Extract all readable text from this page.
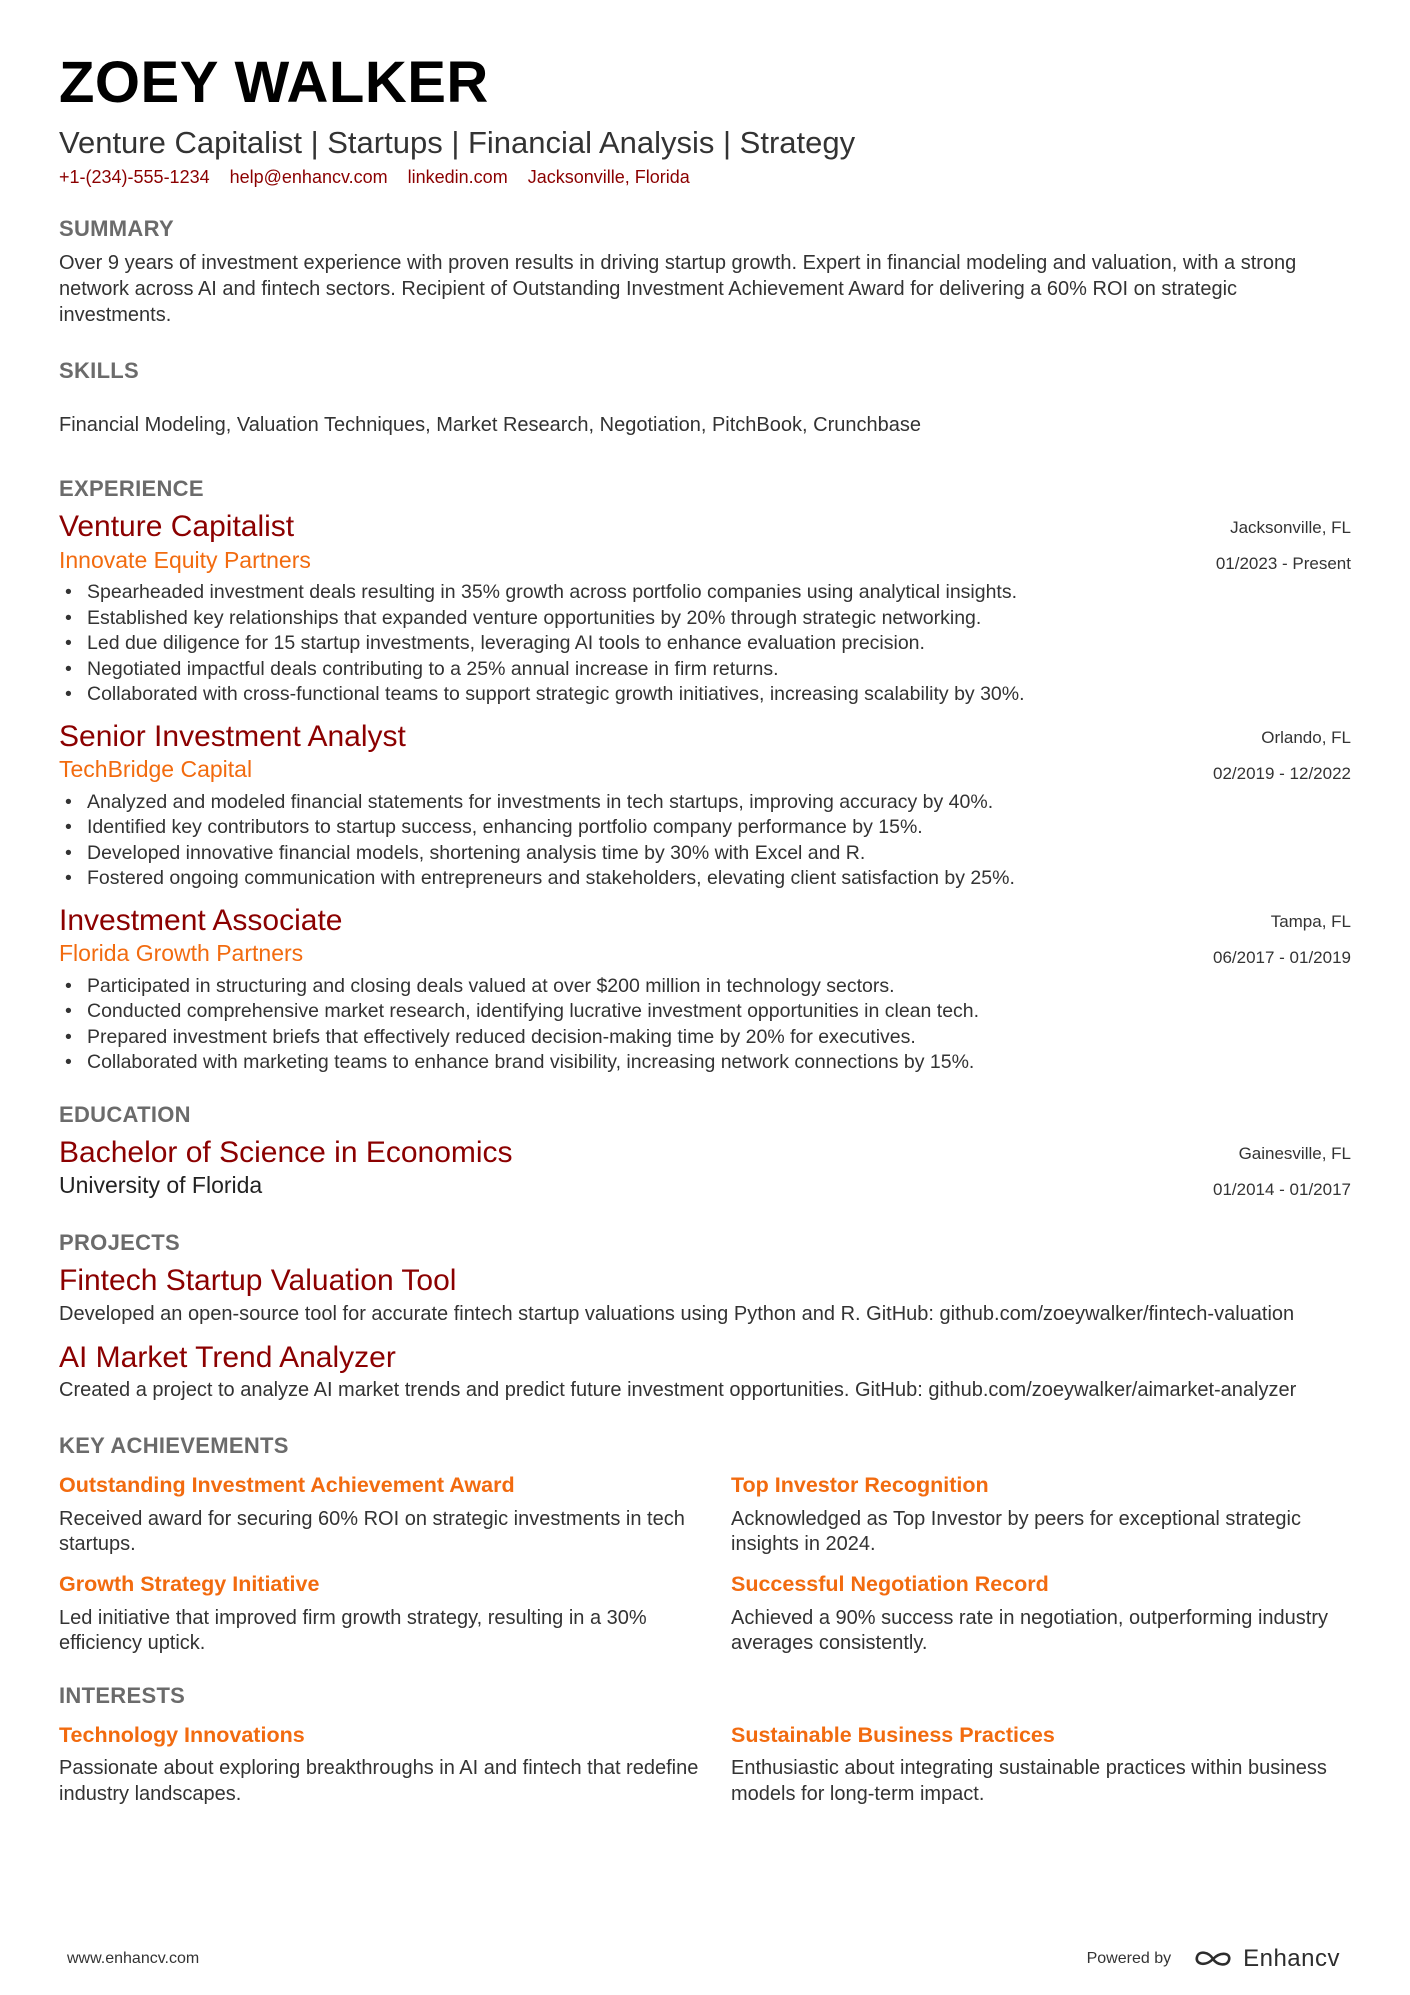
ZOEY WALKER
Venture Capitalist | Startups | Financial Analysis | Strategy
+1-(234)-555-1234 help@enhancv.com linkedin.com Jacksonville, Florida
SUMMARY
Over 9 years of investment experience with proven results in driving startup growth. Expert in financial modeling and valuation, with a strong network across AI and fintech sectors. Recipient of Outstanding Investment Achievement Award for delivering a 60% ROI on strategic investments.
SKILLS
Financial Modeling, Valuation Techniques, Market Research, Negotiation, PitchBook, Crunchbase
EXPERIENCE
Venture Capitalist
Innovate Equity Partners
Jacksonville, FL
01/2023 - Present
• Spearheaded investment deals resulting in 35% growth across portfolio companies using analytical insights.
• Established key relationships that expanded venture opportunities by 20% through strategic networking.
• Led due diligence for 15 startup investments, leveraging AI tools to enhance evaluation precision.
• Negotiated impactful deals contributing to a 25% annual increase in firm returns.
• Collaborated with cross-functional teams to support strategic growth initiatives, increasing scalability by 30%.
Senior Investment Analyst
TechBridge Capital
Orlando, FL
02/2019 - 12/2022
• Analyzed and modeled financial statements for investments in tech startups, improving accuracy by 40%.
• Identified key contributors to startup success, enhancing portfolio company performance by 15%.
• Developed innovative financial models, shortening analysis time by 30% with Excel and R.
• Fostered ongoing communication with entrepreneurs and stakeholders, elevating client satisfaction by 25%.
Investment Associate
Florida Growth Partners
Tampa, FL
06/2017 - 01/2019
• Participated in structuring and closing deals valued at over $200 million in technology sectors.
• Conducted comprehensive market research, identifying lucrative investment opportunities in clean tech.
• Prepared investment briefs that effectively reduced decision-making time by 20% for executives.
• Collaborated with marketing teams to enhance brand visibility, increasing network connections by 15%.
EDUCATION
Bachelor of Science in Economics
University of Florida
Gainesville, FL
01/2014 - 01/2017
PROJECTS
Fintech Startup Valuation Tool
Developed an open-source tool for accurate fintech startup valuations using Python and R. GitHub: github.com/zoeywalker/fintech-valuation
AI Market Trend Analyzer
Created a project to analyze AI market trends and predict future investment opportunities. GitHub: github.com/zoeywalker/aimarket-analyzer
KEY ACHIEVEMENTS
Outstanding Investment Achievement Award
Received award for securing 60% ROI on strategic investments in tech startups.
Top Investor Recognition
Acknowledged as Top Investor by peers for exceptional strategic insights in 2024.
Growth Strategy Initiative
Led initiative that improved firm growth strategy, resulting in a 30% efficiency uptick.
Successful Negotiation Record
Achieved a 90% success rate in negotiation, outperforming industry averages consistently.
INTERESTS
Technology Innovations
Passionate about exploring breakthroughs in AI and fintech that redefine industry landscapes.
Sustainable Business Practices
Enthusiastic about integrating sustainable practices within business models for long-term impact.
www.enhancv.com	Powered by	Enhancv
